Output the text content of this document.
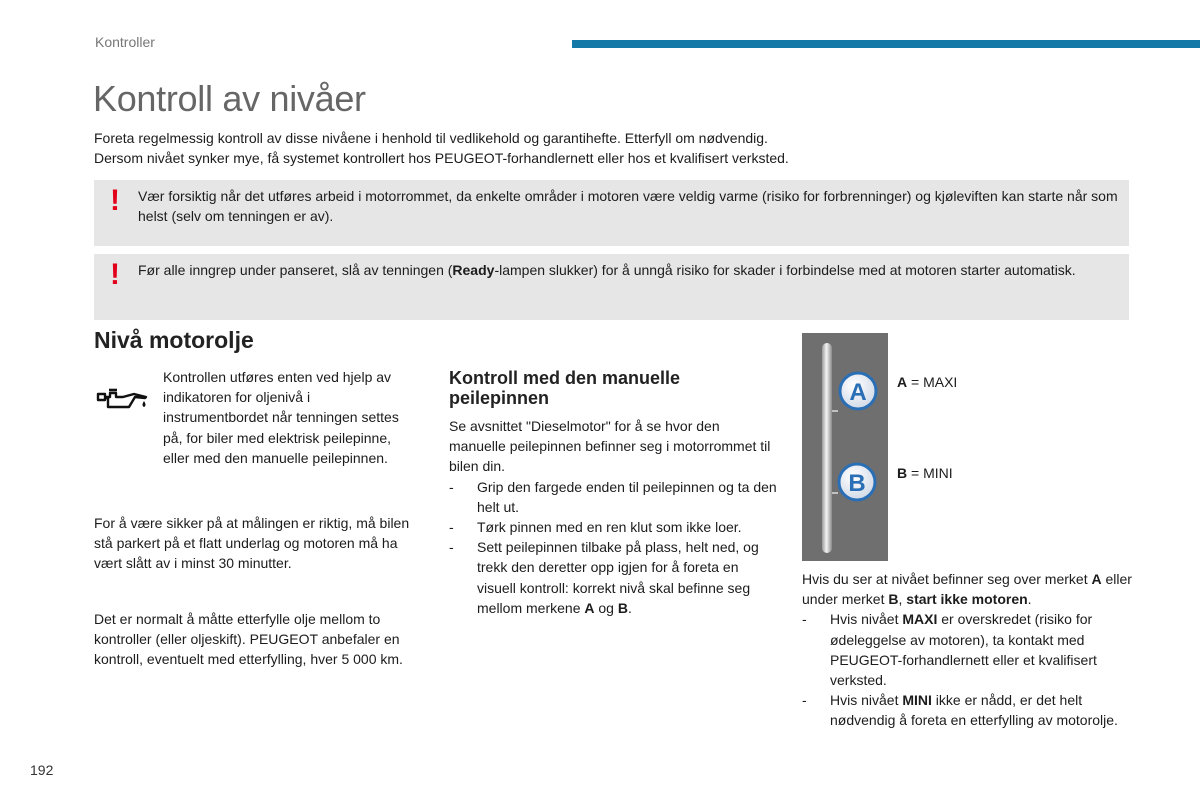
Kontroller
Kontroll av nivåer
Foreta regelmessig kontroll av disse nivåene i henhold til vedlikehold og garantihefte. Etterfyll om nødvendig.
Dersom nivået synker mye, få systemet kontrollert hos PEUGEOT-forhandlernett eller hos et kvalifisert verksted.
! Vær forsiktig når det utføres arbeid i motorrommet, da enkelte områder i motoren være veldig varme (risiko for forbrenninger) og kjøleviften kan starte når som helst (selv om tenningen er av).
! Før alle inngrep under panseret, slå av tenningen (Ready-lampen slukker) for å unngå risiko for skader i forbindelse med at motoren starter automatisk.
Nivå motorolje
Kontrollen utføres enten ved hjelp av indikatoren for oljenivå i instrumentbordet når tenningen settes på, for biler med elektrisk peilepinne, eller med den manuelle peilepinnen.
For å være sikker på at målingen er riktig, må bilen stå parkert på et flatt underlag og motoren må ha vært slått av i minst 30 minutter.
Det er normalt å måtte etterfylle olje mellom to kontroller (eller oljeskift). PEUGEOT anbefaler en kontroll, eventuelt med etterfylling, hver 5 000 km.
Kontroll med den manuelle peilepinnen
Se avsnittet "Dieselmotor" for å se hvor den manuelle peilepinnen befinner seg i motorrommet til bilen din.
- Grip den fargede enden til peilepinnen og ta den helt ut.
- Tørk pinnen med en ren klut som ikke loer.
- Sett peilepinnen tilbake på plass, helt ned, og trekk den deretter opp igjen for å foreta en visuell kontroll: korrekt nivå skal befinne seg mellom merkene A og B.
A
B
A = MAXI
B = MINI
Hvis du ser at nivået befinner seg over merket A eller under merket B, start ikke motoren.
- Hvis nivået MAXI er overskredet (risiko for ødeleggelse av motoren), ta kontakt med PEUGEOT-forhandlernett eller et kvalifisert verksted.
- Hvis nivået MINI ikke er nådd, er det helt nødvendig å foreta en etterfylling av motorolje.
192
